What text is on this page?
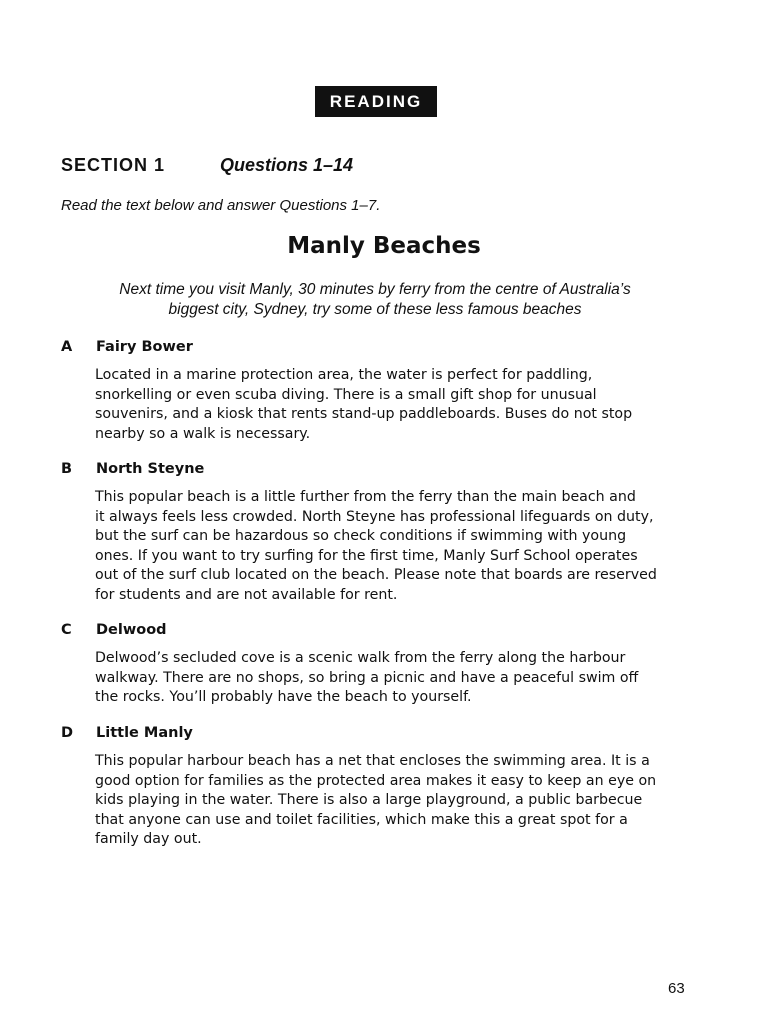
READING
SECTION 1	Questions 1–14
Read the text below and answer Questions 1–7.
Manly Beaches
Next time you visit Manly, 30 minutes by ferry from the centre of Australia’s
biggest city, Sydney, try some of these less famous beaches
A Fairy Bower
Located in a marine protection area, the water is perfect for paddling,
snorkelling or even scuba diving. There is a small gift shop for unusual
souvenirs, and a kiosk that rents stand-up paddleboards. Buses do not stop
nearby so a walk is necessary.
B North Steyne
This popular beach is a little further from the ferry than the main beach and
it always feels less crowded. North Steyne has professional lifeguards on duty,
but the surf can be hazardous so check conditions if swimming with young
ones. If you want to try surfing for the first time, Manly Surf School operates
out of the surf club located on the beach. Please note that boards are reserved
for students and are not available for rent.
C Delwood
Delwood’s secluded cove is a scenic walk from the ferry along the harbour
walkway. There are no shops, so bring a picnic and have a peaceful swim off
the rocks. You’ll probably have the beach to yourself.
D Little Manly
This popular harbour beach has a net that encloses the swimming area. It is a
good option for families as the protected area makes it easy to keep an eye on
kids playing in the water. There is also a large playground, a public barbecue
that anyone can use and toilet facilities, which make this a great spot for a
family day out.
63
